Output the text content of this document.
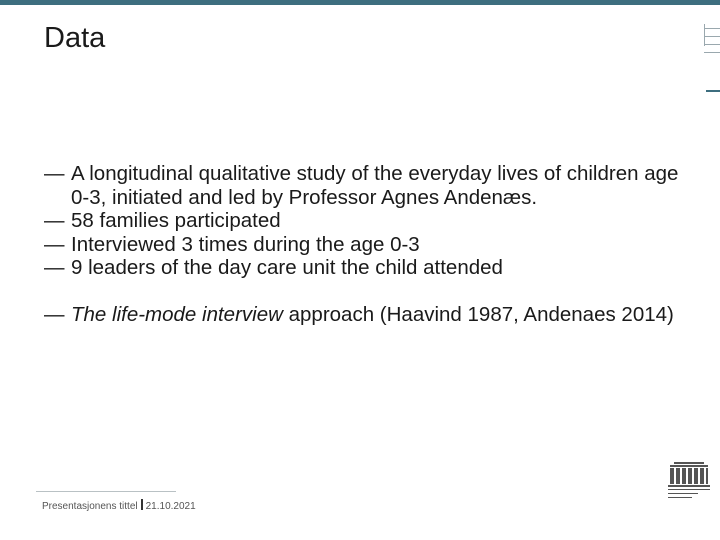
Data

— A longitudinal qualitative study of the everyday lives of children age 0-3, initiated and led by Professor Agnes Andenæs.

— 58 families participated

— Interviewed 3 times during the age 0-3

— 9 leaders of the day care unit the child attended

— The life-mode interview approach (Haavind 1987, Andenaes 2014)

Presentasjonens tittel 21.10.2021
